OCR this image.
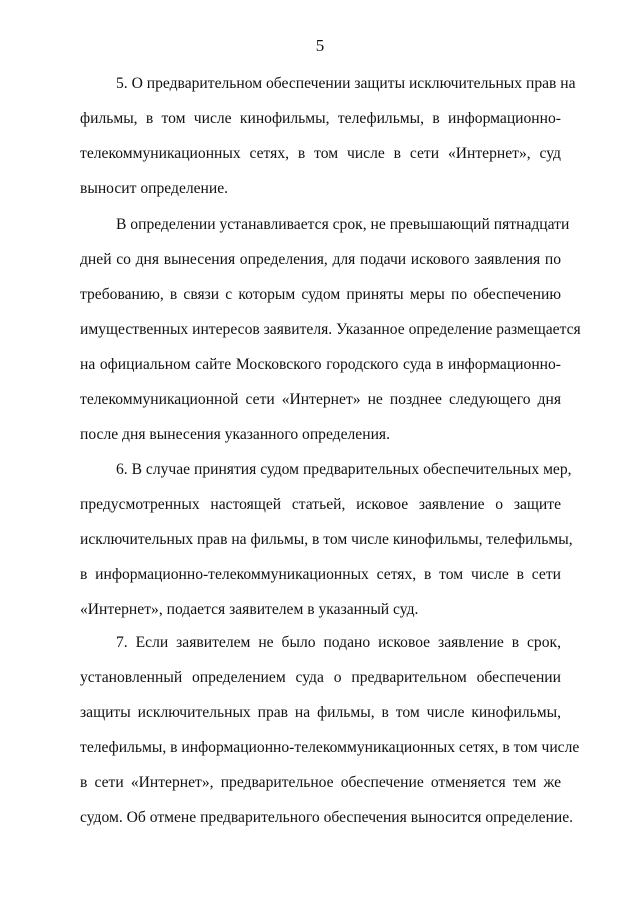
5
5. О предварительном обеспечении защиты исключительных прав на
фильмы, в том числе кинофильмы, телефильмы, в информационно-
телекоммуникационных сетях, в том числе в сети «Интернет», суд
выносит определение.
В определении устанавливается срок, не превышающий пятнадцати
дней со дня вынесения определения, для подачи искового заявления по
требованию, в связи с которым судом приняты меры по обеспечению
имущественных интересов заявителя. Указанное определение размещается
на официальном сайте Московского городского суда в информационно-
телекоммуникационной сети «Интернет» не позднее следующего дня
после дня вынесения указанного определения.
6. В случае принятия судом предварительных обеспечительных мер,
предусмотренных настоящей статьей, исковое заявление о защите
исключительных прав на фильмы, в том числе кинофильмы, телефильмы,
в информационно-телекоммуникационных сетях, в том числе в сети
«Интернет», подается заявителем в указанный суд.
7. Если заявителем не было подано исковое заявление в срок,
установленный определением суда о предварительном обеспечении
защиты исключительных прав на фильмы, в том числе кинофильмы,
телефильмы, в информационно-телекоммуникационных сетях, в том числе
в сети «Интернет», предварительное обеспечение отменяется тем же
судом. Об отмене предварительного обеспечения выносится определение.
